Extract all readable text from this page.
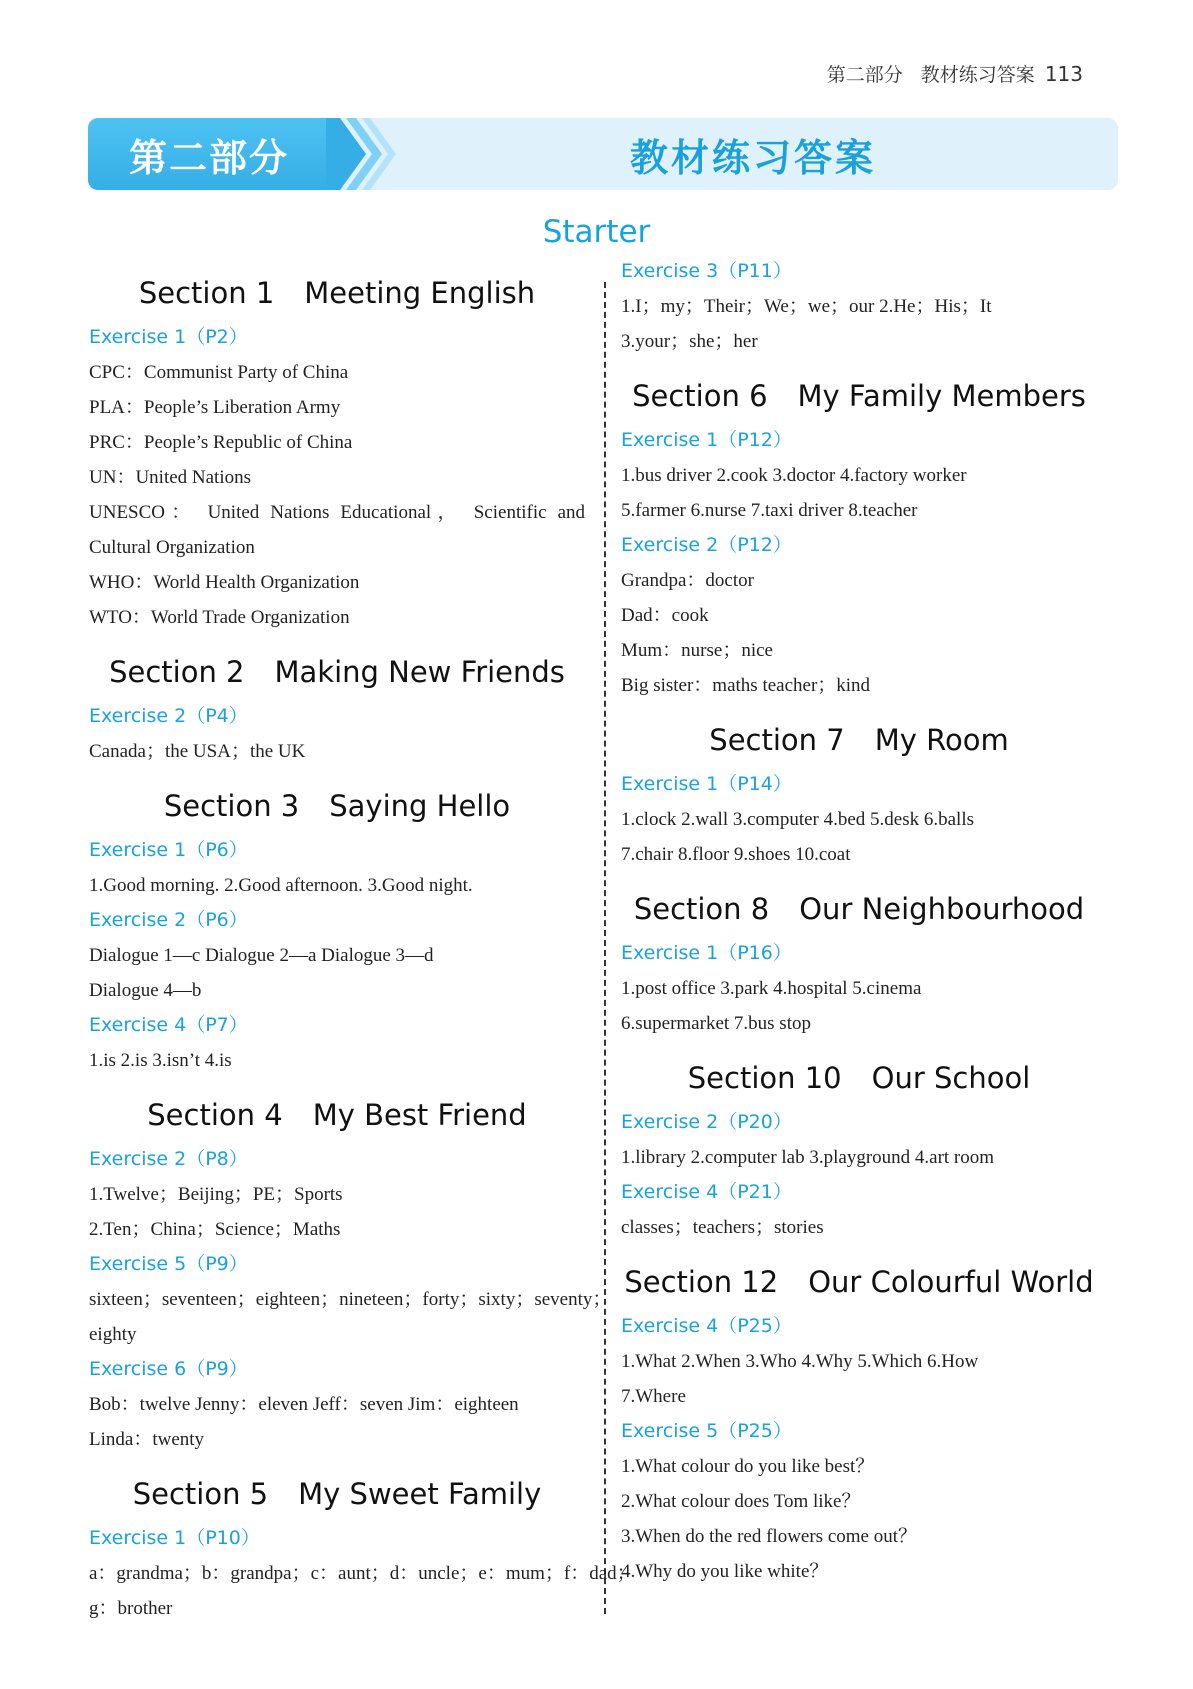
第二部分 教材练习答案 113
第二部分	教材练习答案
Starter
Section 1 Meeting English
Exercise 1（P2）
CPC：Communist Party of China
PLA：People’s Liberation Army
PRC：People’s Republic of China
UN：United Nations
UNESCO： United Nations Educational， Scientific and
Cultural Organization
WHO：World Health Organization
WTO：World Trade Organization
Section 2 Making New Friends
Exercise 2（P4）
Canada；the USA；the UK
Section 3 Saying Hello
Exercise 1（P6）
1.Good morning. 2.Good afternoon. 3.Good night.
Exercise 2（P6）
Dialogue 1—c Dialogue 2—a Dialogue 3—d
Dialogue 4—b
Exercise 4（P7）
1.is 2.is 3.isn’t 4.is
Section 4 My Best Friend
Exercise 2（P8）
1.Twelve；Beijing；PE；Sports
2.Ten；China；Science；Maths
Exercise 5（P9）
sixteen；seventeen；eighteen；nineteen；forty；sixty；seventy；
eighty
Exercise 6（P9）
Bob：twelve Jenny：eleven Jeff：seven Jim：eighteen
Linda：twenty
Section 5 My Sweet Family
Exercise 1（P10）
a：grandma；b：grandpa；c：aunt；d：uncle；e：mum；f：dad；
g：brother
Exercise 3（P11）
1.I；my；Their；We；we；our 2.He；His；It
3.your；she；her
Section 6 My Family Members
Exercise 1（P12）
1.bus driver 2.cook 3.doctor 4.factory worker
5.farmer 6.nurse 7.taxi driver 8.teacher
Exercise 2（P12）
Grandpa：doctor
Dad：cook
Mum：nurse；nice
Big sister：maths teacher；kind
Section 7 My Room
Exercise 1（P14）
1.clock 2.wall 3.computer 4.bed 5.desk 6.balls
7.chair 8.floor 9.shoes 10.coat
Section 8 Our Neighbourhood
Exercise 1（P16）
1.post office 3.park 4.hospital 5.cinema
6.supermarket 7.bus stop
Section 10 Our School
Exercise 2（P20）
1.library 2.computer lab 3.playground 4.art room
Exercise 4（P21）
classes；teachers；stories
Section 12 Our Colourful World
Exercise 4（P25）
1.What 2.When 3.Who 4.Why 5.Which 6.How
7.Where
Exercise 5（P25）
1.What colour do you like best？
2.What colour does Tom like？
3.When do the red flowers come out？
4.Why do you like white？
